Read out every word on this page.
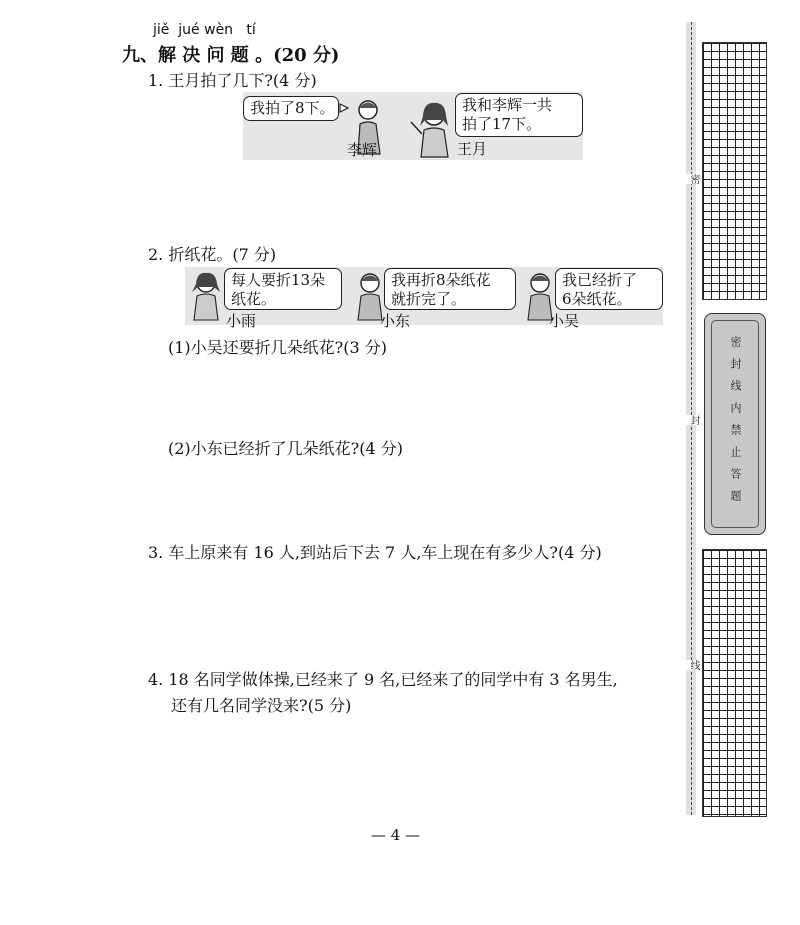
jiě  jué wèn   tí
九、解 决 问 题 。(20 分)
1. 王月拍了几下?(4 分)
我拍了8下。	我和李辉一共
拍了17下。
李辉	王月
2. 折纸花。(7 分)
每人要折13朵
纸花。
小雨
我再折8朵纸花
就折完了。
小东
我已经折了
6朵纸花。
小吴
(1)小吴还要折几朵纸花?(3 分)
(2)小东已经折了几朵纸花?(4 分)
3. 车上原来有 16 人,到站后下去 7 人,车上现在有多少人?(4 分)
4. 18 名同学做体操,已经来了 9 名,已经来了的同学中有 3 名男生,
还有几名同学没来?(5 分)
— 4 —
密
封
线
密封线内禁止答题
